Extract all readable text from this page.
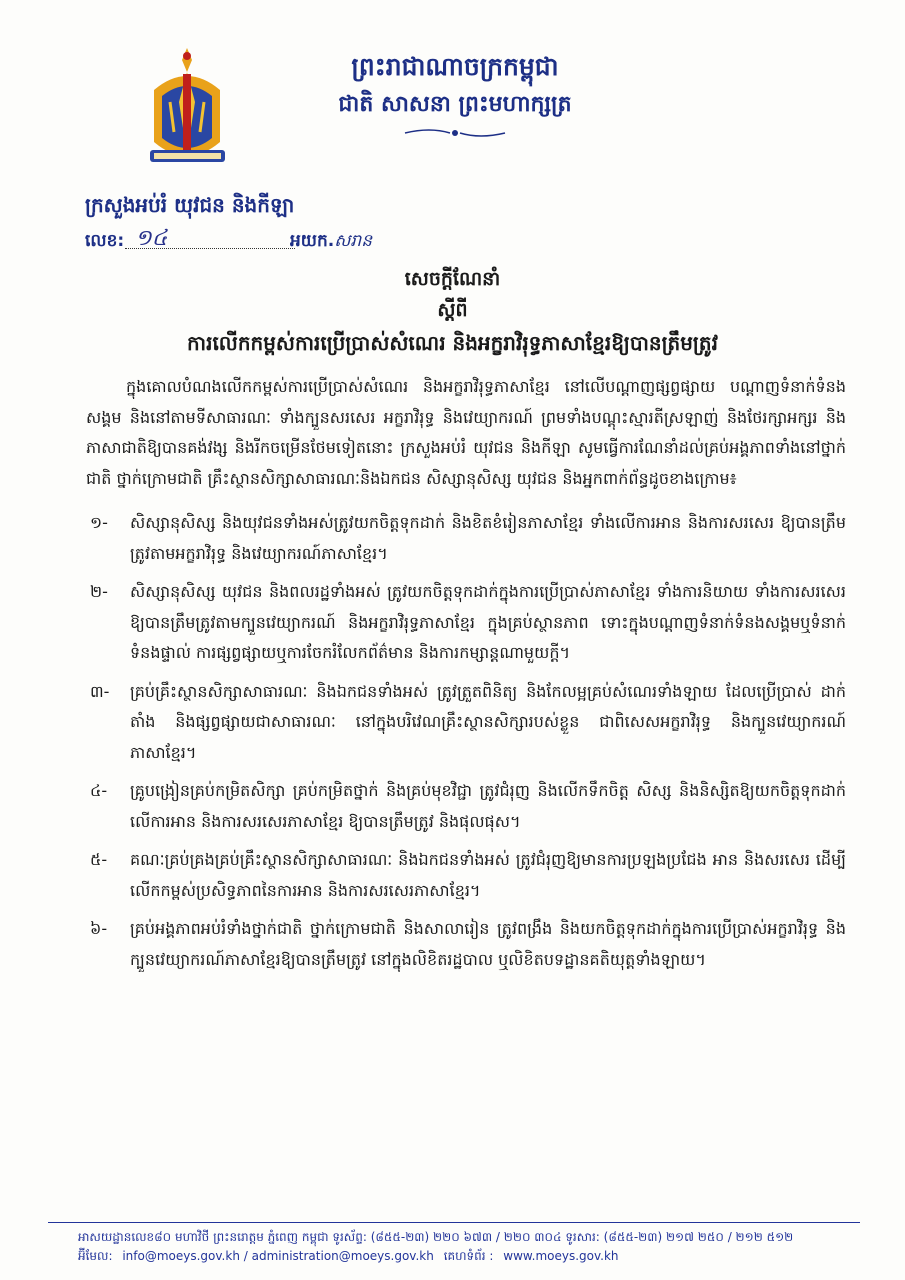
ព្រះរាជាណាចក្រកម្ពុជា
ជាតិ សាសនា ព្រះមហាក្សត្រ
ក្រសួងអប់រំ យុវជន និងកីឡា
លេខ: ១៤	អយក.សរាន
សេចក្តីណែនាំ
ស្តីពី
ការលើកកម្ពស់ការប្រើប្រាស់សំណេរ និងអក្ខរាវិរុទ្ធភាសាខ្មែរឱ្យបានត្រឹមត្រូវ

ក្នុងគោលបំណងលើកកម្ពស់ការប្រើប្រាស់សំណេរ និងអក្ខរាវិរុទ្ធភាសាខ្មែរ នៅលើបណ្តាញផ្សព្វផ្សាយ បណ្តាញទំនាក់ទំនងសង្គម និងនៅតាមទីសាធារណៈ ទាំងក្បួនសរសេរ អក្ខរាវិរុទ្ធ និងវេយ្យាករណ៍ ព្រមទាំងបណ្តុះស្មារតីស្រឡាញ់ និងថែរក្សាអក្សរ និងភាសាជាតិឱ្យបានគង់វង្ស និងរីកចម្រើនថែមទៀតនោះ ក្រសួងអប់រំ យុវជន និងកីឡា សូមធ្វើការណែនាំដល់គ្រប់អង្គភាពទាំងនៅថ្នាក់ជាតិ ថ្នាក់ក្រោមជាតិ គ្រឹះស្ថានសិក្សាសាធារណៈនិងឯកជន សិស្សានុសិស្ស យុវជន និងអ្នកពាក់ព័ន្ធដូចខាងក្រោម៖

១-	សិស្សានុសិស្ស និងយុវជនទាំងអស់ត្រូវយកចិត្តទុកដាក់ និងខិតខំរៀនភាសាខ្មែរ ទាំងលើការអាន និងការសរសេរ ឱ្យបានត្រឹមត្រូវតាមអក្ខរាវិរុទ្ធ និងវេយ្យាករណ៍ភាសាខ្មែរ។
២-	សិស្សានុសិស្ស យុវជន និងពលរដ្ឋទាំងអស់ ត្រូវយកចិត្តទុកដាក់ក្នុងការប្រើប្រាស់ភាសាខ្មែរ ទាំងការនិយាយ ទាំងការសរសេរ ឱ្យបានត្រឹមត្រូវតាមក្បួនវេយ្យាករណ៍ និងអក្ខរាវិរុទ្ធភាសាខ្មែរ ក្នុងគ្រប់ស្ថានភាព ទោះក្នុងបណ្តាញទំនាក់ទំនងសង្គមឬទំនាក់ទំនងផ្ទាល់ ការផ្សព្វផ្សាយឬការចែករំលែកព័ត៌មាន និងការកម្សាន្តណាមួយក្តី។
៣-	គ្រប់គ្រឹះស្ថានសិក្សាសាធារណៈ និងឯកជនទាំងអស់ ត្រូវត្រួតពិនិត្យ និងកែលម្អគ្រប់សំណេរទាំងឡាយ ដែលប្រើប្រាស់ ដាក់តាំង និងផ្សព្វផ្សាយជាសាធារណៈ នៅក្នុងបរិវេណគ្រឹះស្ថានសិក្សារបស់ខ្លួន ជាពិសេសអក្ខរាវិរុទ្ធ និងក្បួនវេយ្យាករណ៍ភាសាខ្មែរ។
៤-	គ្រូបង្រៀនគ្រប់កម្រិតសិក្សា គ្រប់កម្រិតថ្នាក់ និងគ្រប់មុខវិជ្ជា ត្រូវជំរុញ និងលើកទឹកចិត្ត សិស្ស និងនិស្សិតឱ្យយកចិត្តទុកដាក់លើការអាន និងការសរសេរភាសាខ្មែរ ឱ្យបានត្រឹមត្រូវ និងផុលផុស។
៥-	គណៈគ្រប់គ្រងគ្រប់គ្រឹះស្ថានសិក្សាសាធារណៈ និងឯកជនទាំងអស់ ត្រូវជំរុញឱ្យមានការប្រឡងប្រជែង អាន និងសរសេរ ដើម្បីលើកកម្ពស់ប្រសិទ្ធភាពនៃការអាន និងការសរសេរភាសាខ្មែរ។
៦-	គ្រប់អង្គភាពអប់រំទាំងថ្នាក់ជាតិ ថ្នាក់ក្រោមជាតិ និងសាលារៀន ត្រូវពង្រឹង និងយកចិត្តទុកដាក់ក្នុងការប្រើប្រាស់អក្ខរាវិរុទ្ធ និងក្បួនវេយ្យាករណ៍ភាសាខ្មែរឱ្យបានត្រឹមត្រូវ នៅក្នុងលិខិតរដ្ឋបាល ឬលិខិតបទដ្ឋានគតិយុត្តទាំងឡាយ។
អាសយដ្ឋានលេខ៨០ មហាវិថី ព្រះនរោត្តម ភ្នំពេញ កម្ពុជា ទូរស័ព្ទ: (៨៥៥-២៣) ២២០ ៦៧៣ / ២២០ ៣០៤ ទូរសារ: (៨៥៥-២៣) ២១៧ ២៥០ / ២១២ ៥១២
អ៊ីមែល: info@moeys.gov.kh / administration@moeys.gov.kh គេហទំព័រ : www.moeys.gov.kh
